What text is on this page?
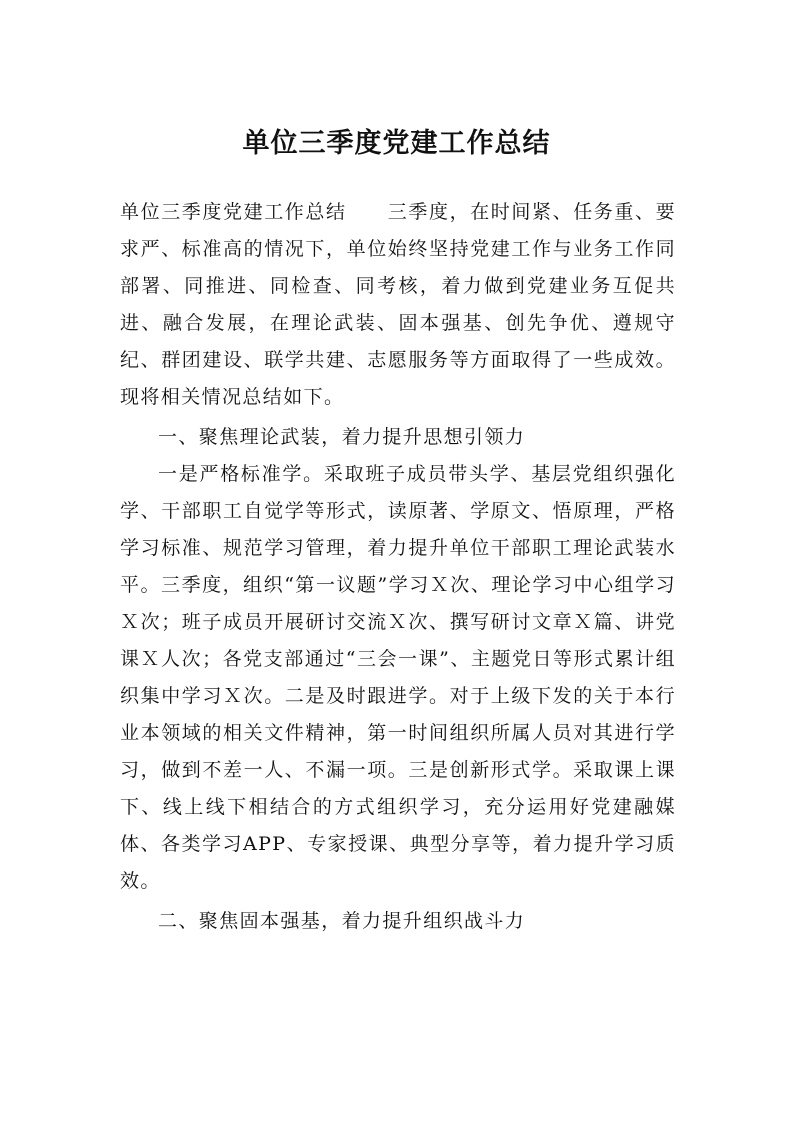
单位三季度党建工作总结

单位三季度党建工作总结　　三季度，在时间紧、任务重、要求严、标准高的情况下，单位始终坚持党建工作与业务工作同部署、同推进、同检查、同考核，着力做到党建业务互促共进、融合发展，在理论武装、固本强基、创先争优、遵规守纪、群团建设、联学共建、志愿服务等方面取得了一些成效。现将相关情况总结如下。

一、聚焦理论武装，着力提升思想引领力

一是严格标准学。采取班子成员带头学、基层党组织强化学、干部职工自觉学等形式，读原著、学原文、悟原理，严格学习标准、规范学习管理，着力提升单位干部职工理论武装水平。三季度，组织“第一议题”学习Ｘ次、理论学习中心组学习Ｘ次；班子成员开展研讨交流Ｘ次、撰写研讨文章Ｘ篇、讲党课Ｘ人次；各党支部通过“三会一课”、主题党日等形式累计组织集中学习Ｘ次。二是及时跟进学。对于上级下发的关于本行业本领域的相关文件精神，第一时间组织所属人员对其进行学习，做到不差一人、不漏一项。三是创新形式学。采取课上课下、线上线下相结合的方式组织学习，充分运用好党建融媒体、各类学习APP、专家授课、典型分享等，着力提升学习质效。

二、聚焦固本强基，着力提升组织战斗力
